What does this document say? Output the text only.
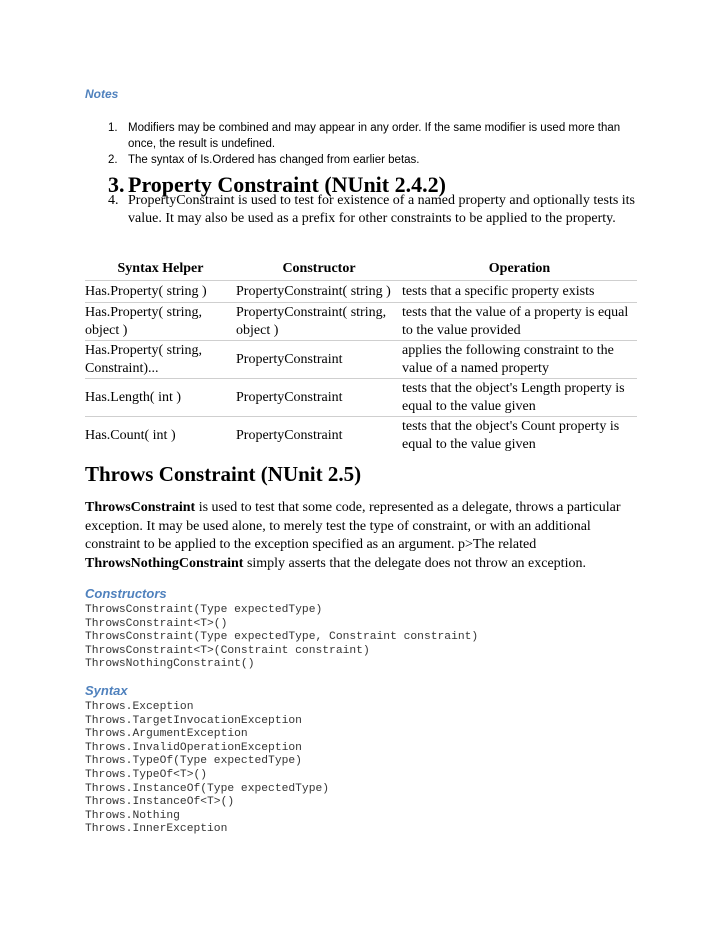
Notes
1. Modifiers may be combined and may appear in any order. If the same modifier is used more than once, the result is undefined.
2. The syntax of Is.Ordered has changed from earlier betas.
3. Property Constraint (NUnit 2.4.2)
4. PropertyConstraint is used to test for existence of a named property and optionally tests its value. It may also be used as a prefix for other constraints to be applied to the property.
Syntax Helper	Constructor	Operation
Has.Property( string )	PropertyConstraint( string )	tests that a specific property exists
Has.Property( string, object )	PropertyConstraint( string, object )	tests that the value of a property is equal to the value provided
Has.Property( string, Constraint)...	PropertyConstraint	applies the following constraint to the value of a named property
Has.Length( int )	PropertyConstraint	tests that the object's Length property is equal to the value given
Has.Count( int )	PropertyConstraint	tests that the object's Count property is equal to the value given
Throws Constraint (NUnit 2.5)

ThrowsConstraint is used to test that some code, represented as a delegate, throws a particular exception. It may be used alone, to merely test the type of constraint, or with an additional constraint to be applied to the exception specified as an argument. p>The related ThrowsNothingConstraint simply asserts that the delegate does not throw an exception.

Constructors
ThrowsConstraint(Type expectedType)
ThrowsConstraint<T>()
ThrowsConstraint(Type expectedType, Constraint constraint)
ThrowsConstraint<T>(Constraint constraint)
ThrowsNothingConstraint()
Syntax
Throws.Exception
Throws.TargetInvocationException
Throws.ArgumentException
Throws.InvalidOperationException
Throws.TypeOf(Type expectedType)
Throws.TypeOf<T>()
Throws.InstanceOf(Type expectedType)
Throws.InstanceOf<T>()
Throws.Nothing
Throws.InnerException
